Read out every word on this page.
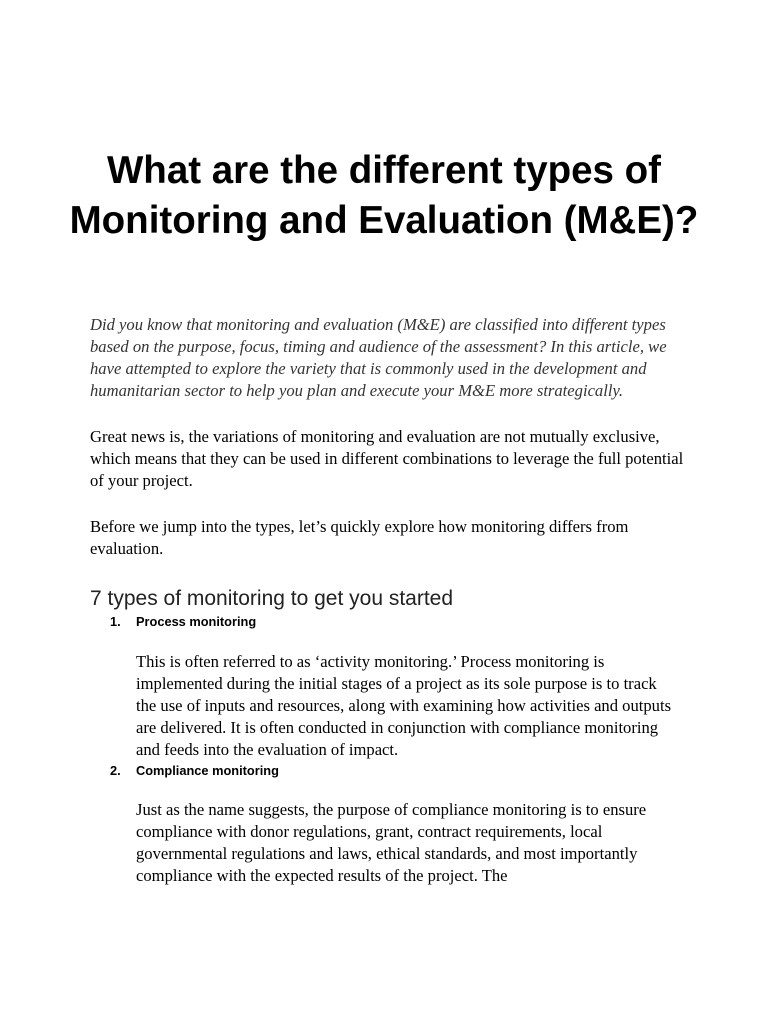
What are the different types of Monitoring and Evaluation (M&E)?

Did you know that monitoring and evaluation (M&E) are classified into different types based on the purpose, focus, timing and audience of the assessment? In this article, we have attempted to explore the variety that is commonly used in the development and humanitarian sector to help you plan and execute your M&E more strategically.

Great news is, the variations of monitoring and evaluation are not mutually exclusive, which means that they can be used in different combinations to leverage the full potential of your project.

Before we jump into the types, let’s quickly explore how monitoring differs from evaluation.

7 types of monitoring to get you started
1. Process monitoring

This is often referred to as ‘activity monitoring.’ Process monitoring is implemented during the initial stages of a project as its sole purpose is to track the use of inputs and resources, along with examining how activities and outputs are delivered. It is often conducted in conjunction with compliance monitoring and feeds into the evaluation of impact.

2. Compliance monitoring

Just as the name suggests, the purpose of compliance monitoring is to ensure compliance with donor regulations, grant, contract requirements, local governmental regulations and laws, ethical standards, and most importantly compliance with the expected results of the project. The
